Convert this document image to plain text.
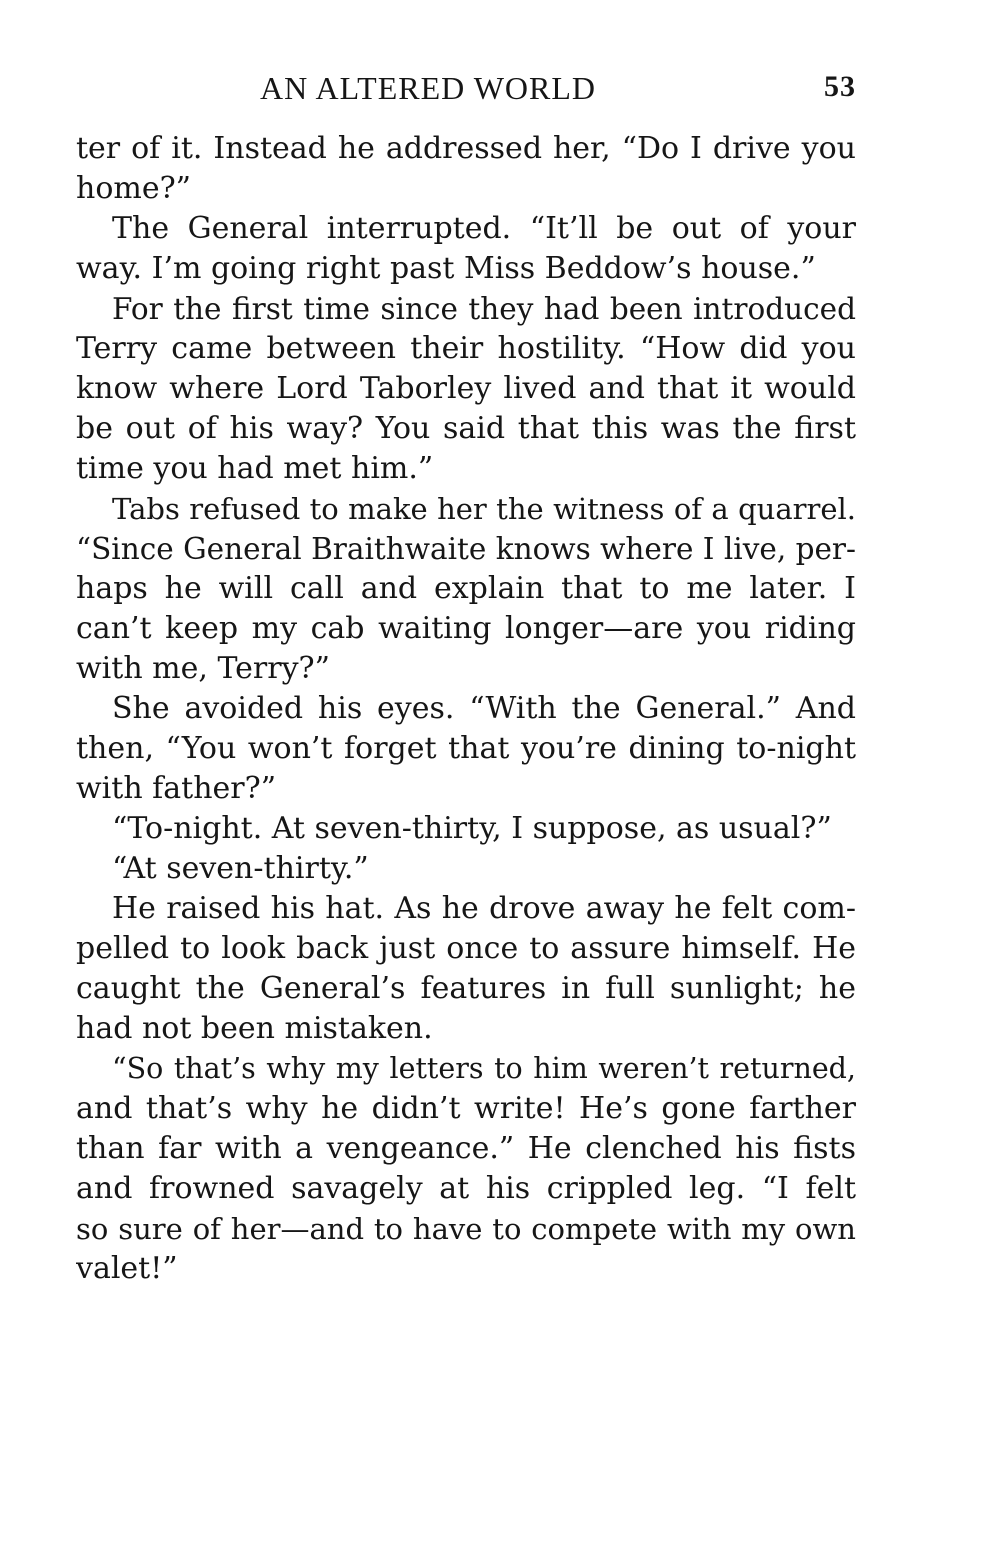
AN ALTERED WORLD	53
ter of it. Instead he addressed her, “Do I drive you
home?”
The General interrupted. “It’ll be out of your
way. I’m going right past Miss Beddow’s house.”
For the first time since they had been introduced
Terry came between their hostility. “How did you
know where Lord Taborley lived and that it would
be out of his way? You said that this was the first
time you had met him.”
Tabs refused to make her the witness of a quarrel.
“Since General Braithwaite knows where I live, per-
haps he will call and explain that to me later. I
can’t keep my cab waiting longer—are you riding
with me, Terry?”
She avoided his eyes. “With the General.” And
then, “You won’t forget that you’re dining to-night
with father?”
“To-night. At seven-thirty, I suppose, as usual?”
“At seven-thirty.”
He raised his hat. As he drove away he felt com-
pelled to look back just once to assure himself. He
caught the General’s features in full sunlight; he
had not been mistaken.
“So that’s why my letters to him weren’t returned,
and that’s why he didn’t write! He’s gone farther
than far with a vengeance.” He clenched his fists
and frowned savagely at his crippled leg. “I felt
so sure of her—and to have to compete with my own
valet!”
